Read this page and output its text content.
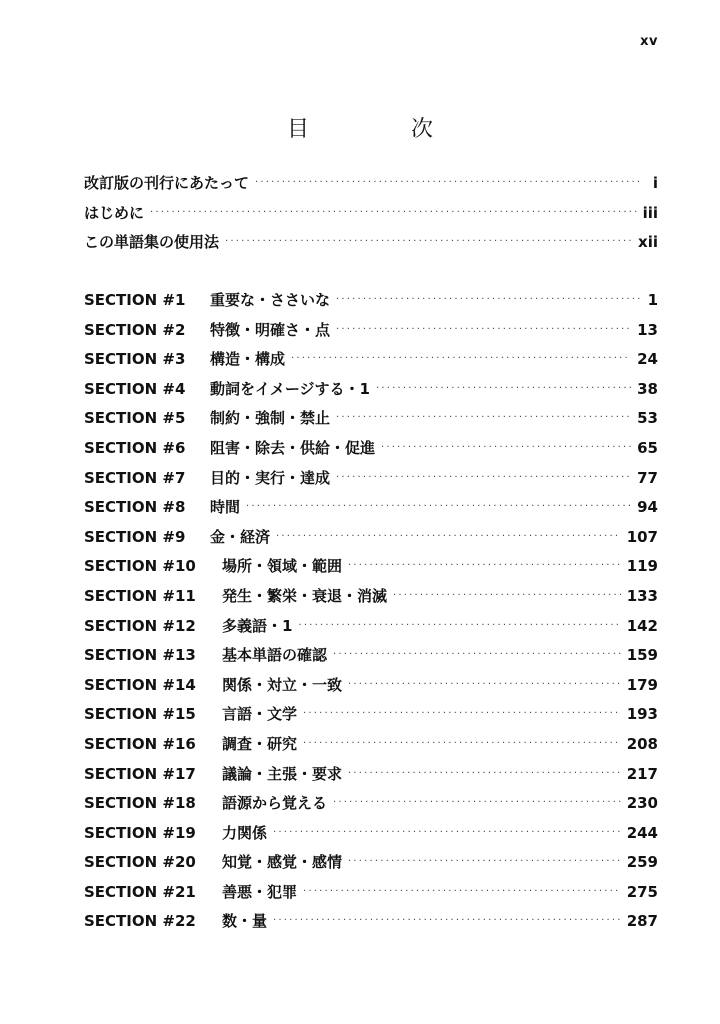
xv
目　次
改訂版の刊行にあたって ·····	i
はじめに ·····	iii
この単語集の使用法 ·····	xii
SECTION #1	重要な・ささいな ·····	1
SECTION #2	特徴・明確さ・点 ·····	13
SECTION #3	構造・構成 ·····	24
SECTION #4	動詞をイメージする・1 ·····	38
SECTION #5	制約・強制・禁止 ·····	53
SECTION #6	阻害・除去・供給・促進 ·····	65
SECTION #7	目的・実行・達成 ·····	77
SECTION #8	時間 ·····	94
SECTION #9	金・経済 ·····	107
SECTION #10	場所・領域・範囲 ·····	119
SECTION #11	発生・繁栄・衰退・消滅 ·····	133
SECTION #12	多義語・1 ·····	142
SECTION #13	基本単語の確認 ·····	159
SECTION #14	関係・対立・一致 ·····	179
SECTION #15	言語・文学 ·····	193
SECTION #16	調査・研究 ·····	208
SECTION #17	議論・主張・要求 ·····	217
SECTION #18	語源から覚える ·····	230
SECTION #19	力関係 ·····	244
SECTION #20	知覚・感覚・感情 ·····	259
SECTION #21	善悪・犯罪 ·····	275
SECTION #22	数・量 ·····	287
